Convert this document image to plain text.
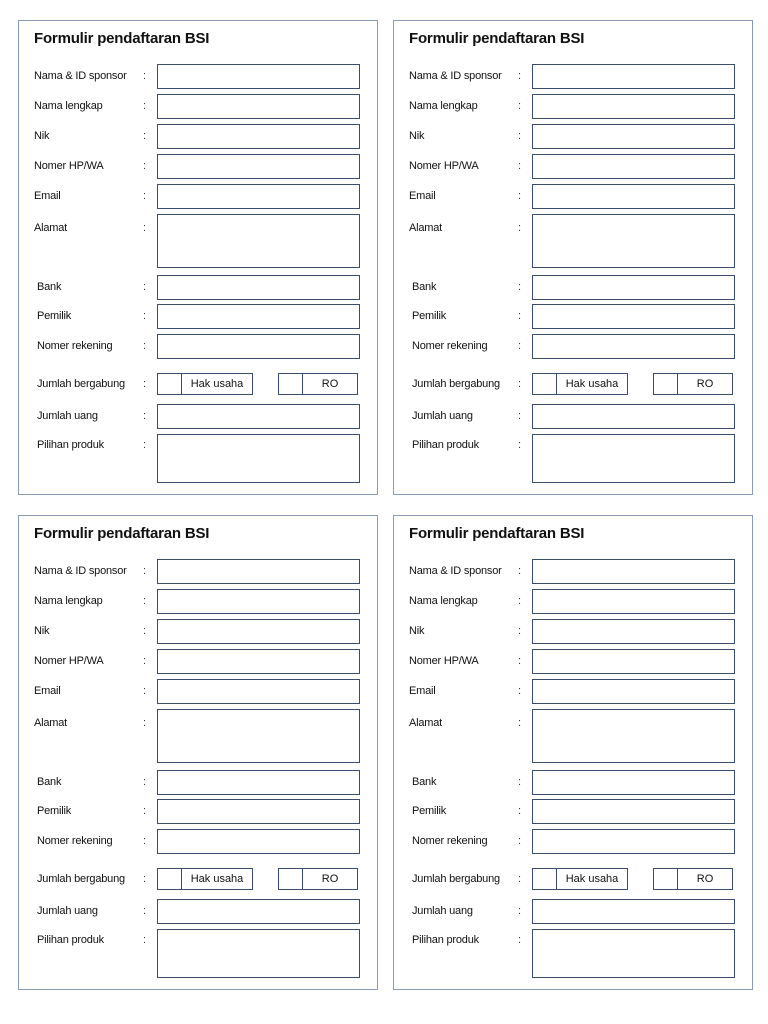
Formulir pendaftaran BSI
Nama & ID sponsor :
Nama lengkap	:
Nik	:
Nomer HP/WA	:
Email	:
Alamat	:
Bank	:
Pemilik	:
Nomer rekening	:
Jumlah bergabung :	Hak usaha	RO
Jumlah uang	:
Pilihan produk	:
Formulir pendaftaran BSI
Nama & ID sponsor :
Nama lengkap	:
Nik	:
Nomer HP/WA	:
Email	:
Alamat	:
Bank	:
Pemilik	:
Nomer rekening	:
Jumlah bergabung :	Hak usaha	RO
Jumlah uang	:
Pilihan produk	:
Formulir pendaftaran BSI
Nama & ID sponsor :
Nama lengkap	:
Nik	:
Nomer HP/WA	:
Email	:
Alamat	:
Bank	:
Pemilik	:
Nomer rekening	:
Jumlah bergabung :	Hak usaha	RO
Jumlah uang	:
Pilihan produk	:
Formulir pendaftaran BSI
Nama & ID sponsor :
Nama lengkap	:
Nik	:
Nomer HP/WA	:
Email	:
Alamat	:
Bank	:
Pemilik	:
Nomer rekening	:
Jumlah bergabung :	Hak usaha	RO
Jumlah uang	:
Pilihan produk	:
